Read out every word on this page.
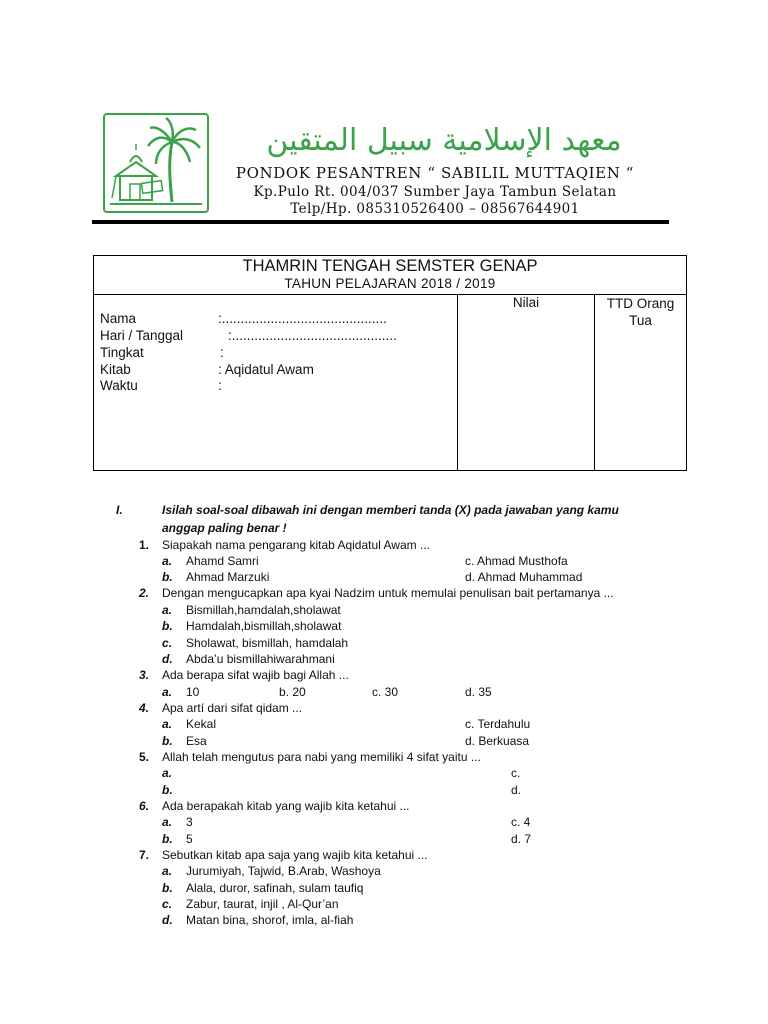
معهد الإسلامية سبيل المتقين
PONDOK PESANTREN “ SABILIL MUTTAQIEN “
Kp.Pulo Rt. 004/037 Sumber Jaya Tambun Selatan
Telp/Hp. 085310526400 – 08567644901
THAMRIN TENGAH SEMSTER GENAP
TAHUN PELAJARAN 2018 / 2019
Nilai	TTD Orang
Tua
Nama	:............................................
Hari / Tanggal	:............................................
Tingkat	:
Kitab	: Aqidatul Awam
Waktu	:
I.	Isilah soal-soal dibawah ini dengan memberi tanda (X) pada jawaban yang kamu
anggap paling benar !
1. Siapakah nama pengarang kitab Aqidatul Awam ...
a. Ahamd Samri	c. Ahmad Musthofa
b. Ahmad Marzuki	d. Ahmad Muhammad
2. Dengan mengucapkan apa kyai Nadzim untuk memulai penulisan bait pertamanya ...
a. Bismillah,hamdalah,sholawat
b. Hamdalah,bismillah,sholawat
c. Sholawat, bismillah, hamdalah
d. Abda’u bismillahiwarahmani
3. Ada berapa sifat wajib bagi Allah ...
a. 10	b. 20	c. 30	d. 35
4. Apa artí dari sifat qidam ...
a. Kekal	c. Terdahulu
b. Esa	d. Berkuasa
5. Allah telah mengutus para nabi yang memiliki 4 sifat yaitu ...
a.	c.
b.	d.
6. Ada berapakah kitab yang wajib kita ketahui ...
a. 3	c. 4
b. 5	d. 7
7. Sebutkan kitab apa saja yang wajib kita ketahui ...
a. Jurumiyah, Tajwid, B.Arab, Washoya
b. Alala, duror, safinah, sulam taufiq
c. Zabur, taurat, injil , Al-Qur’an
d. Matan bina, shorof, imla, al-fiah
